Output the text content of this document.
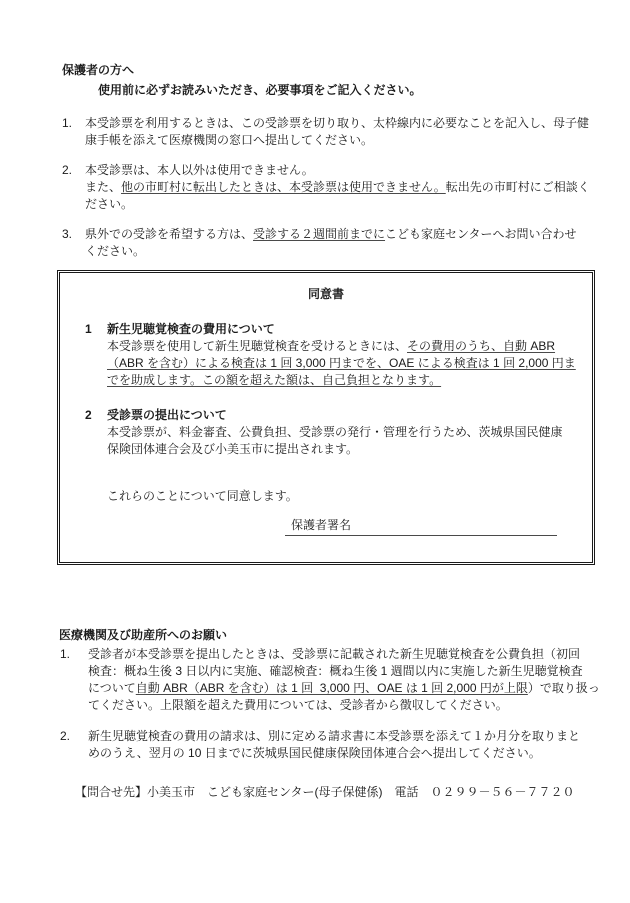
保護者の方へ
使用前に必ずお読みいただき、必要事項をご記入ください。
1.	本受診票を利用するときは、この受診票を切り取り、太枠線内に必要なことを記入し、母子健
康手帳を添えて医療機関の窓口へ提出してください。
2.	本受診票は、本人以外は使用できません。
また、他の市町村に転出したときは、本受診票は使用できません。転出先の市町村にご相談く
ださい。
3.	県外での受診を希望する方は、受診する２週間前までにこども家庭センターへお問い合わせ
ください。
同意書
1	新生児聴覚検査の費用について
本受診票を使用して新生児聴覚検査を受けるときには、その費用のうち、自動 ABR
（ABR を含む）による検査は 1 回 3,000 円までを、OAE による検査は 1 回 2,000 円ま
でを助成します。この額を超えた額は、自己負担となります。
2	受診票の提出について
本受診票が、料金審査、公費負担、受診票の発行・管理を行うため、茨城県国民健康
保険団体連合会及び小美玉市に提出されます。
これらのことについて同意します。
保護者署名
医療機関及び助産所へのお願い
1.	受診者が本受診票を提出したときは、受診票に記載された新生児聴覚検査を公費負担（初回
検査：概ね生後 3 日以内に実施、確認検査：概ね生後 1 週間以内に実施した新生児聴覚検査
について自動 ABR（ABR を含む）は 1 回  3,000 円、OAE は 1 回 2,000 円が上限）で取り扱っ
てください。上限額を超えた費用については、受診者から徴収してください。
2.	新生児聴覚検査の費用の請求は、別に定める請求書に本受診票を添えて１か月分を取りまと
めのうえ、翌月の 10 日までに茨城県国民健康保険団体連合会へ提出してください。
【問合せ先】小美玉市　こども家庭センター(母子保健係)　電話　０２９９－５６－７７２０
